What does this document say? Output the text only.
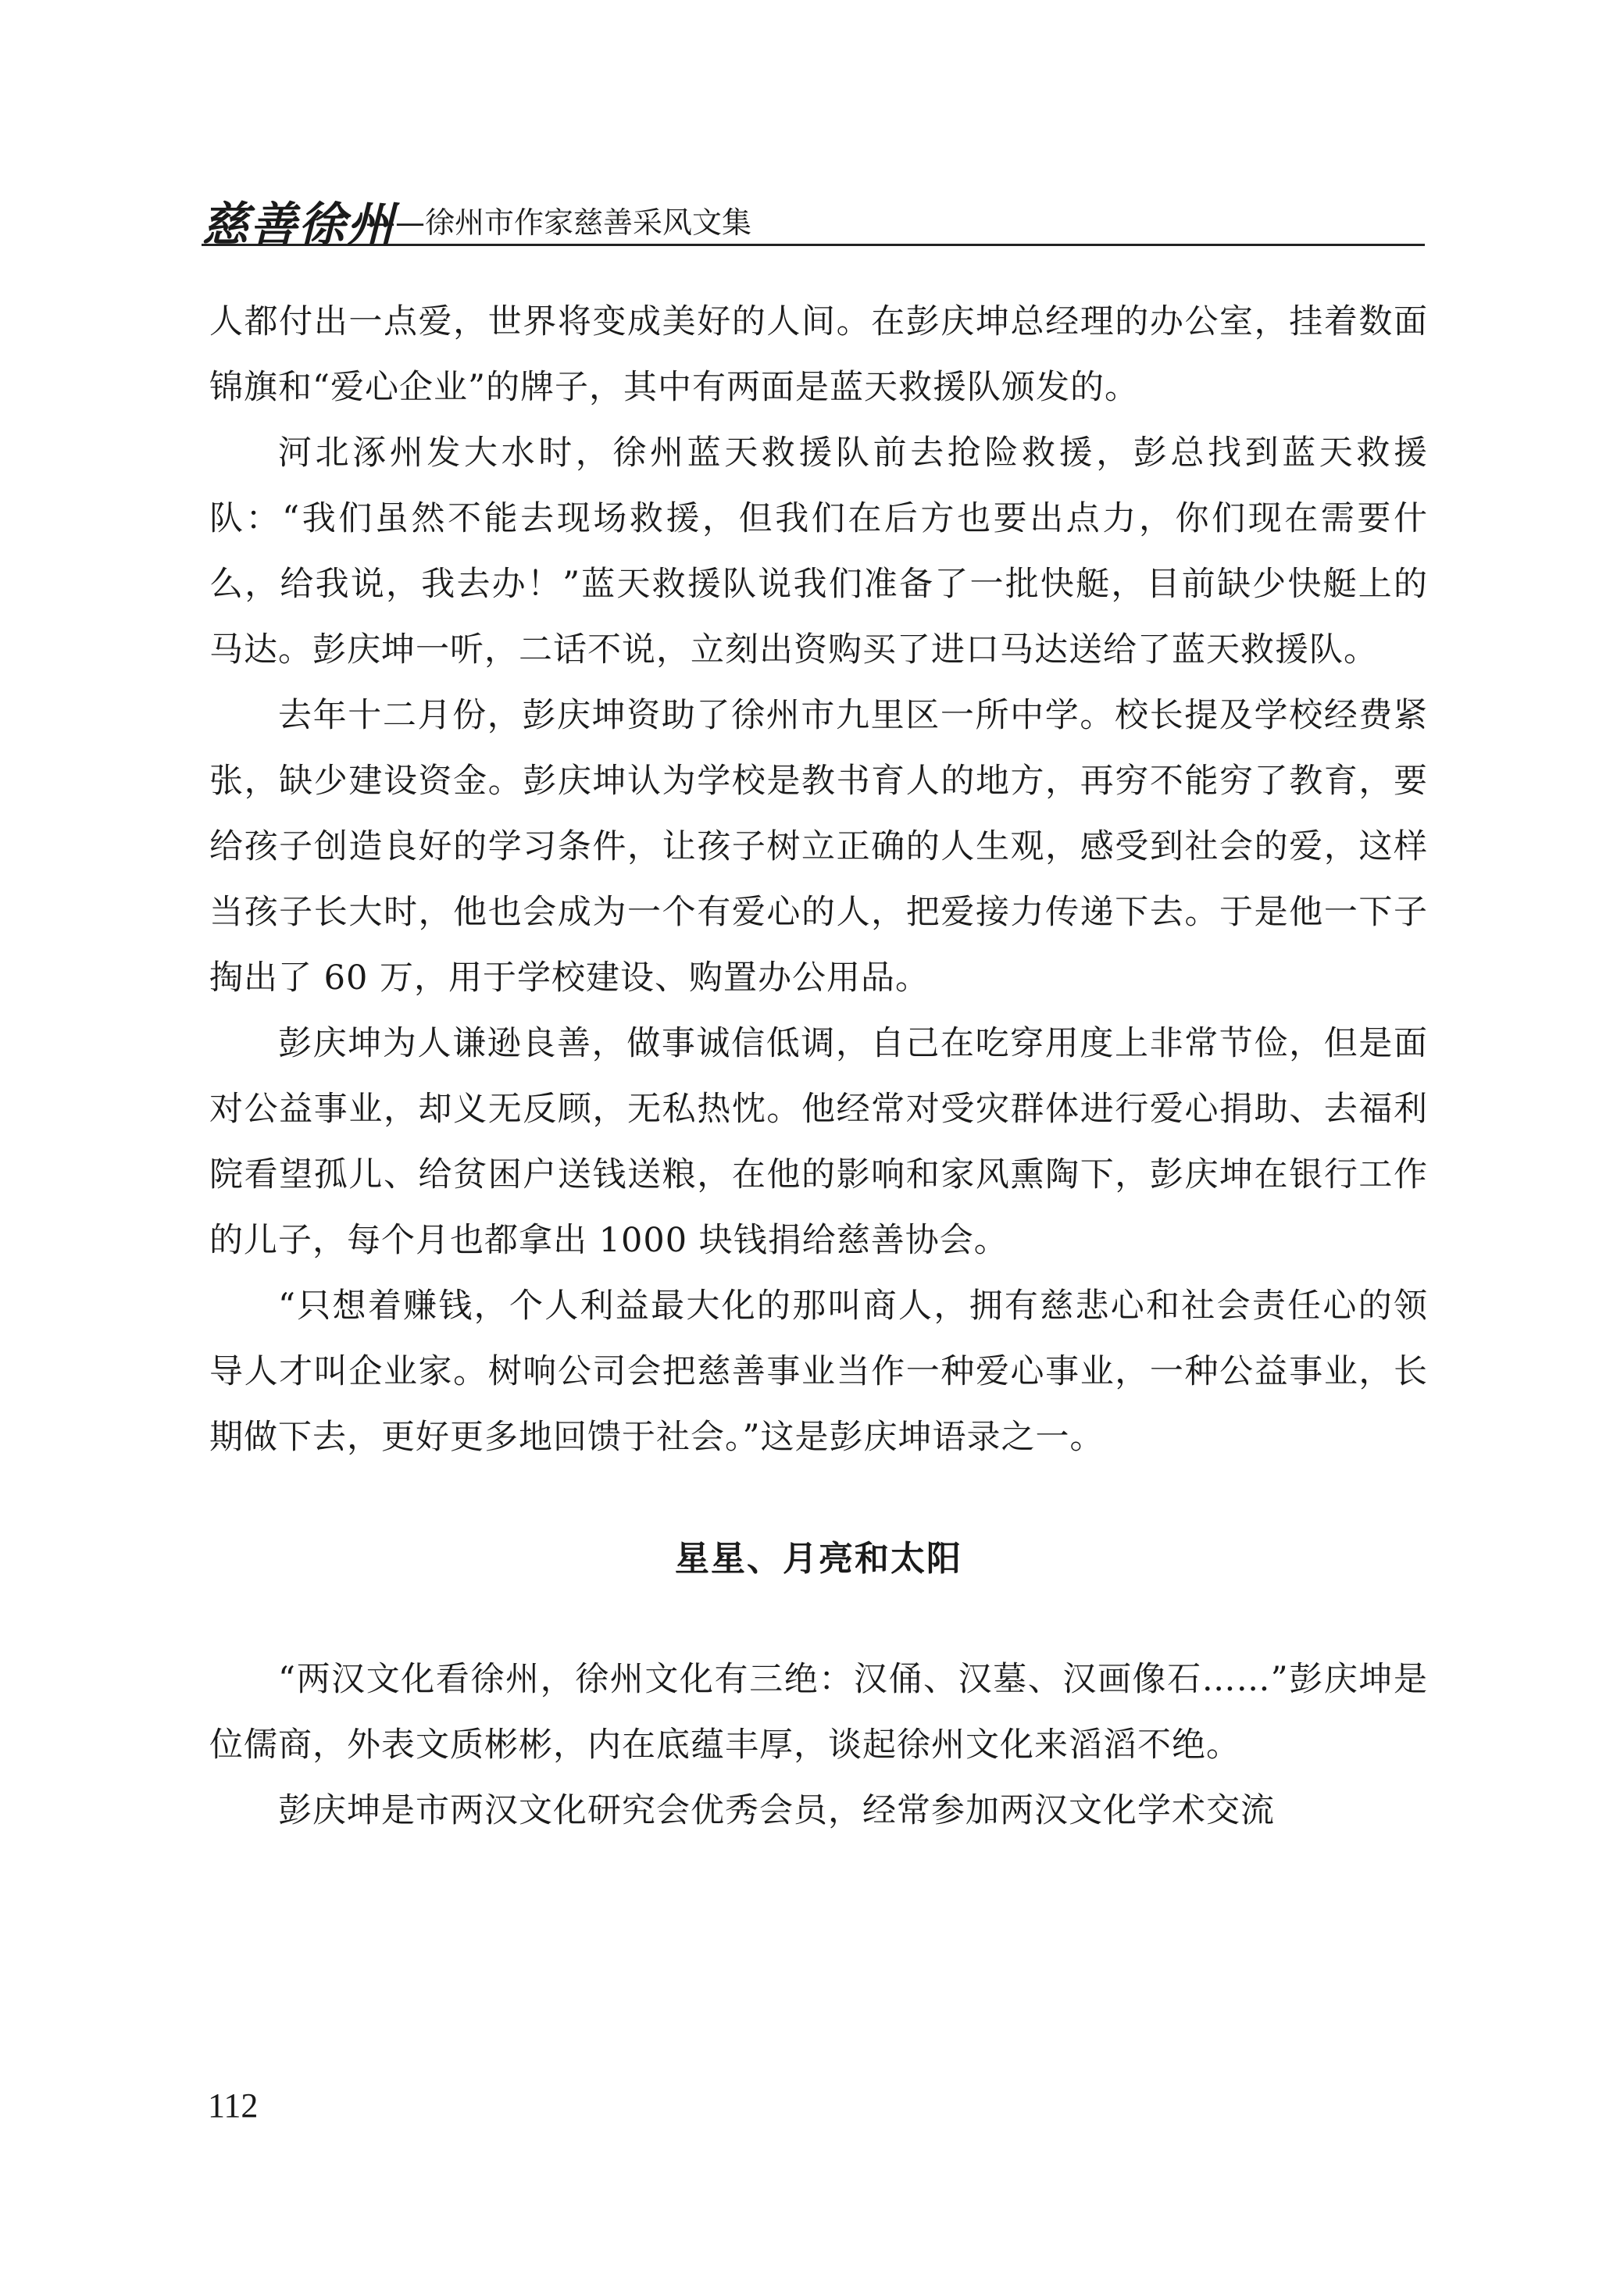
慈善徐州
——徐州市作家慈善采风文集

人都付出一点爱，世界将变成美好的人间。在彭庆坤总经理的办公室，挂着数面锦旗和“爱心企业”的牌子，其中有两面是蓝天救援队颁发的。

河北涿州发大水时，徐州蓝天救援队前去抢险救援，彭总找到蓝天救援队：“我们虽然不能去现场救援，但我们在后方也要出点力，你们现在需要什么，给我说，我去办！”蓝天救援队说我们准备了一批快艇，目前缺少快艇上的马达。彭庆坤一听，二话不说，立刻出资购买了进口马达送给了蓝天救援队。

去年十二月份，彭庆坤资助了徐州市九里区一所中学。校长提及学校经费紧张，缺少建设资金。彭庆坤认为学校是教书育人的地方，再穷不能穷了教育，要给孩子创造良好的学习条件，让孩子树立正确的人生观，感受到社会的爱，这样当孩子长大时，他也会成为一个有爱心的人，把爱接力传递下去。于是他一下子掏出了 60 万，用于学校建设、购置办公用品。

彭庆坤为人谦逊良善，做事诚信低调，自己在吃穿用度上非常节俭，但是面对公益事业，却义无反顾，无私热忱。他经常对受灾群体进行爱心捐助、去福利院看望孤儿、给贫困户送钱送粮，在他的影响和家风熏陶下，彭庆坤在银行工作的儿子，每个月也都拿出 1000 块钱捐给慈善协会。

“只想着赚钱，个人利益最大化的那叫商人，拥有慈悲心和社会责任心的领导人才叫企业家。树响公司会把慈善事业当作一种爱心事业，一种公益事业，长期做下去，更好更多地回馈于社会。”这是彭庆坤语录之一。

星星、月亮和太阳

“两汉文化看徐州，徐州文化有三绝：汉俑、汉墓、汉画像石……”彭庆坤是位儒商，外表文质彬彬，内在底蕴丰厚，谈起徐州文化来滔滔不绝。

彭庆坤是市两汉文化研究会优秀会员，经常参加两汉文化学术交流

112
